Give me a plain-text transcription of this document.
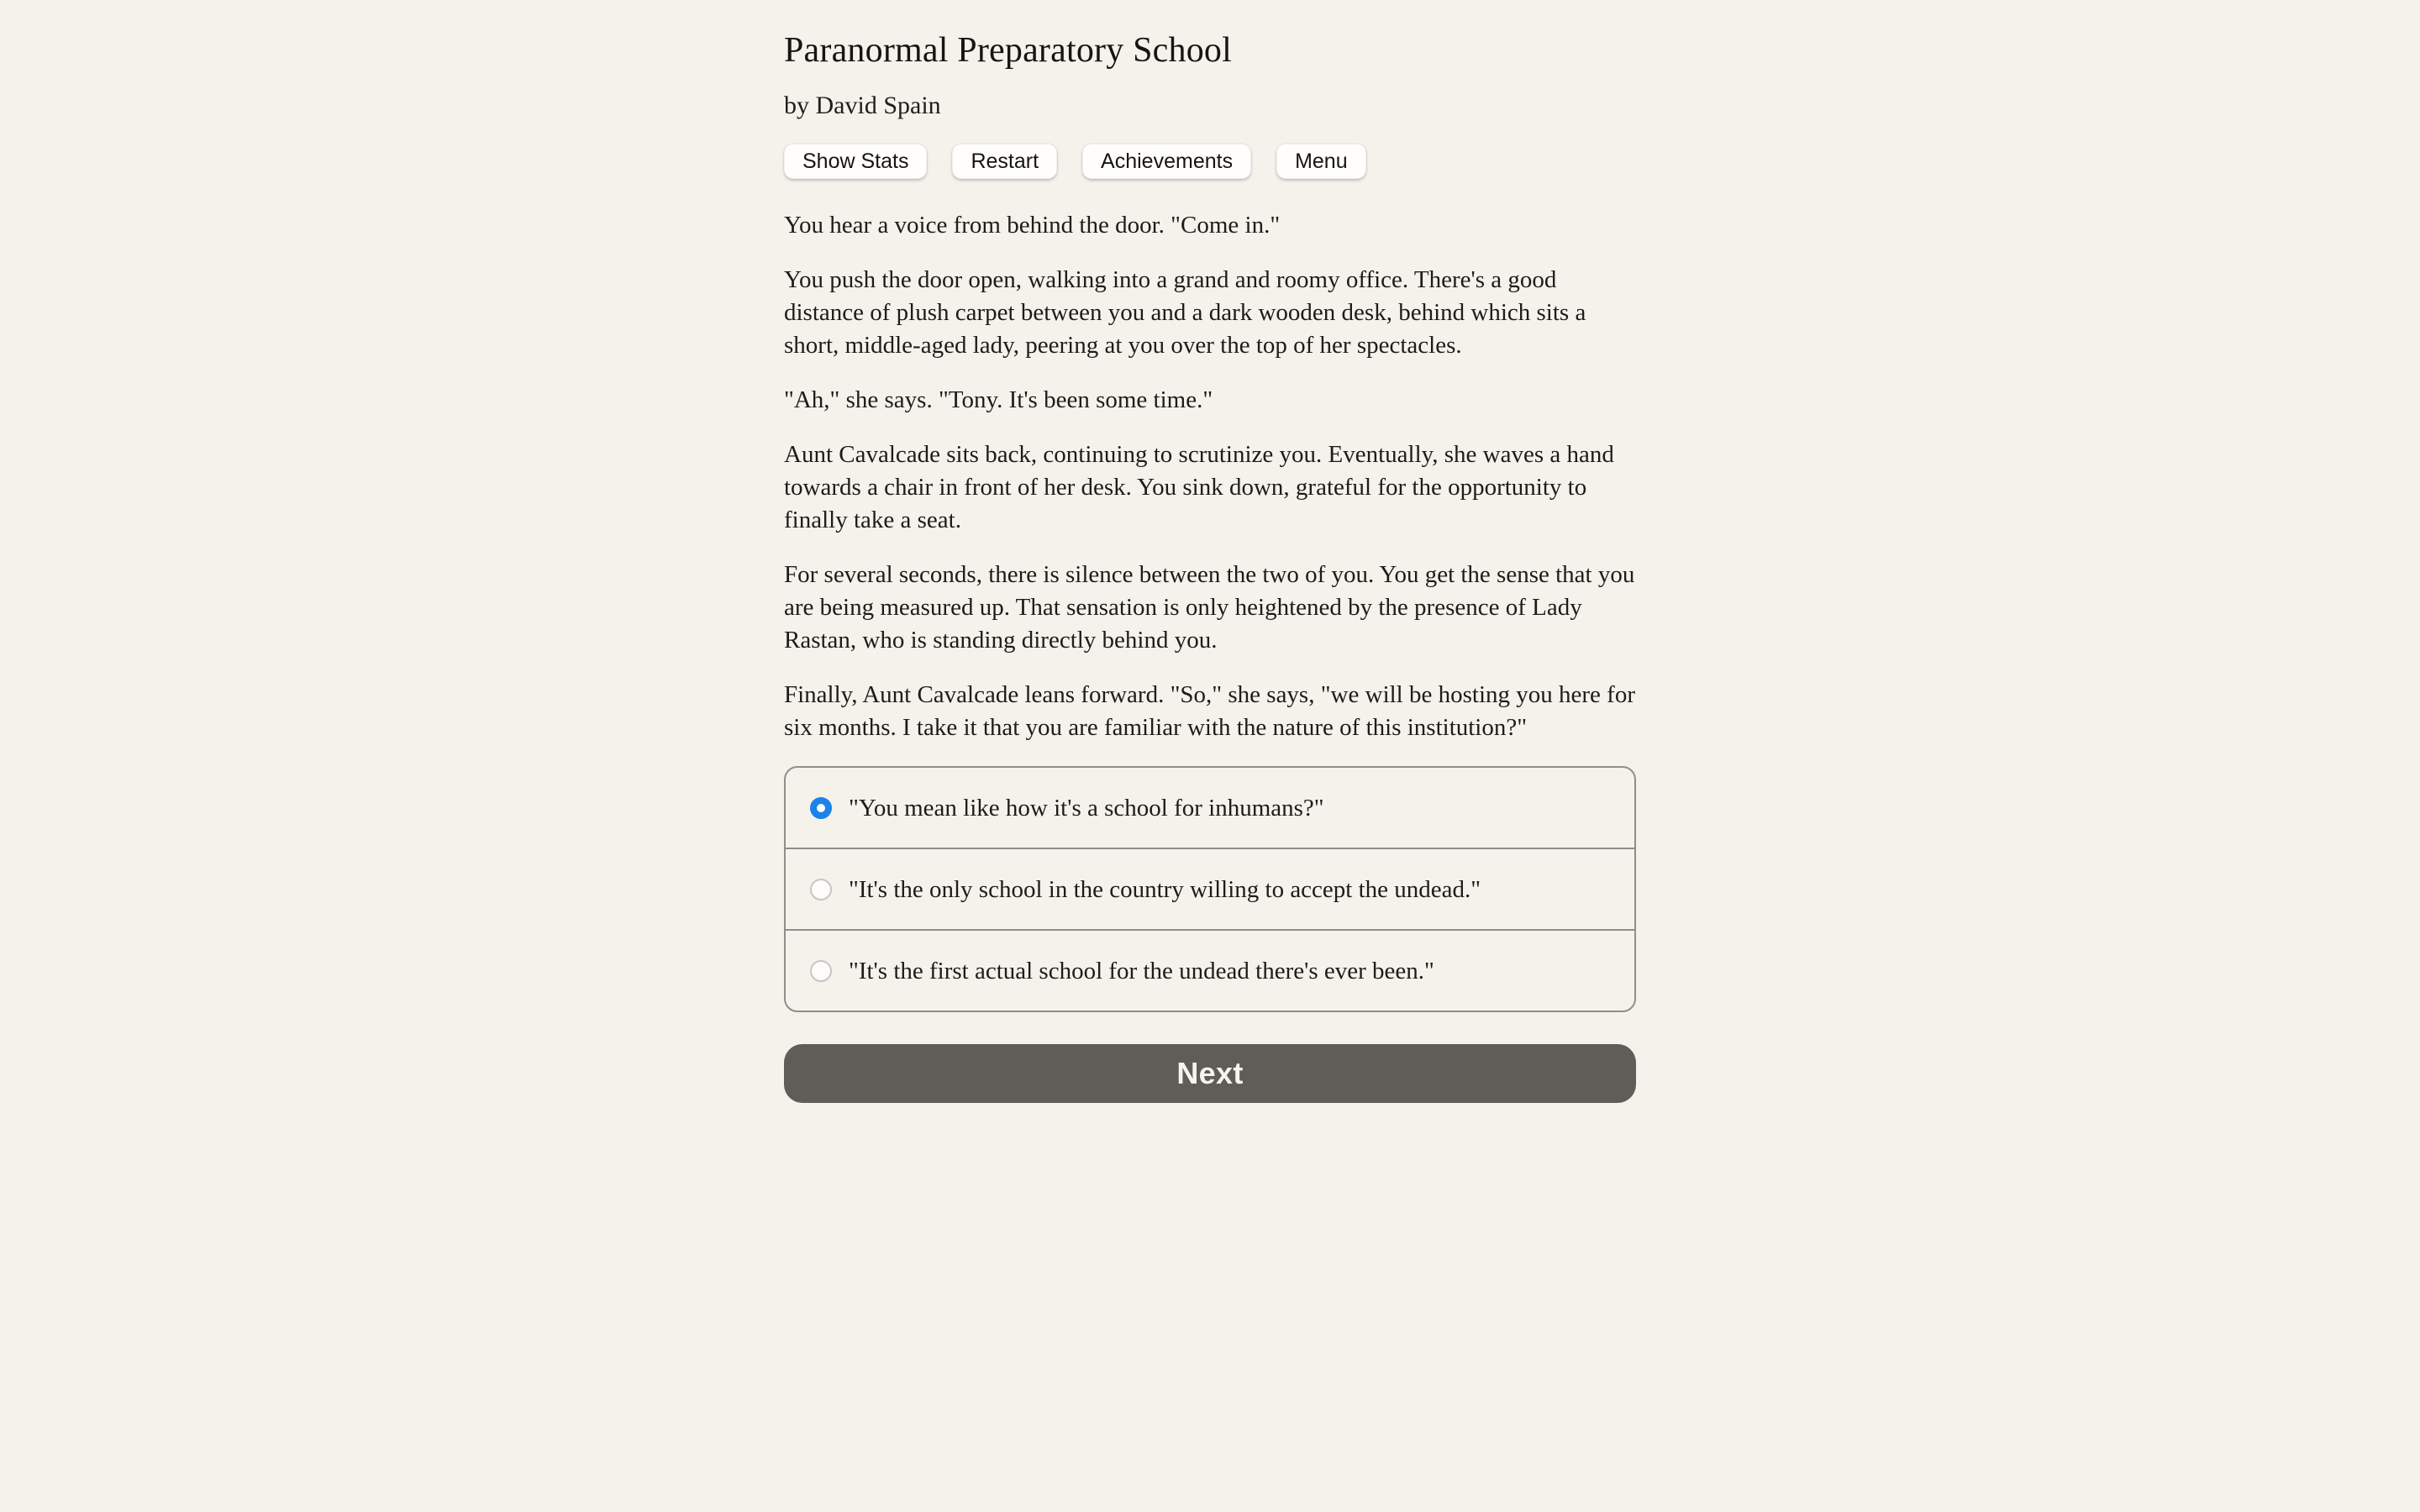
Paranormal Preparatory School
by David Spain
Show Stats	Restart	Achievements	Menu

You hear a voice from behind the door. "Come in."

You push the door open, walking into a grand and roomy office. There's a good distance of plush carpet between you and a dark wooden desk, behind which sits a short, middle-aged lady, peering at you over the top of her spectacles.

"Ah," she says. "Tony. It's been some time."

Aunt Cavalcade sits back, continuing to scrutinize you. Eventually, she waves a hand towards a chair in front of her desk. You sink down, grateful for the opportunity to finally take a seat.

For several seconds, there is silence between the two of you. You get the sense that you are being measured up. That sensation is only heightened by the presence of Lady Rastan, who is standing directly behind you.

Finally, Aunt Cavalcade leans forward. "So," she says, "we will be hosting you here for six months. I take it that you are familiar with the nature of this institution?"

"You mean like how it's a school for inhumans?"
"It's the only school in the country willing to accept the undead."
"It's the first actual school for the undead there's ever been."
Next
